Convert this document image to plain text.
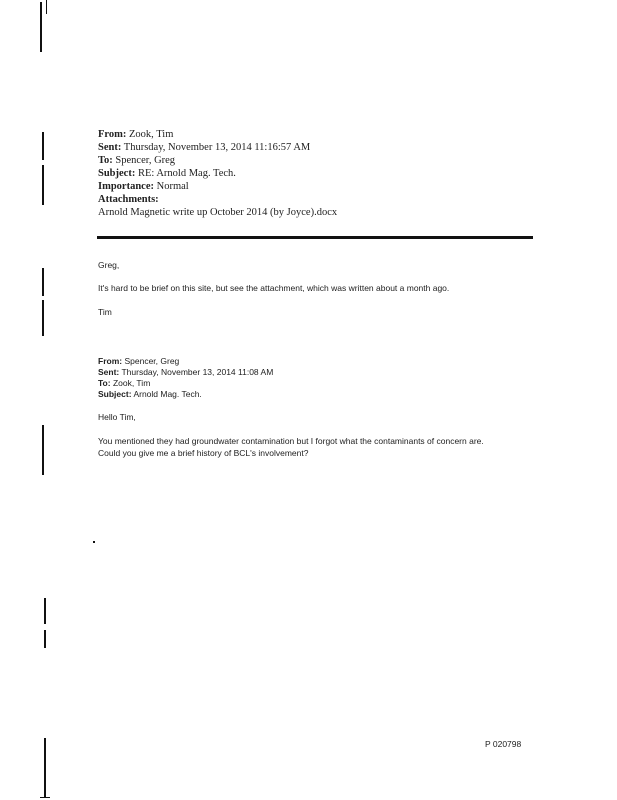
From: Zook, Tim
Sent: Thursday, November 13, 2014 11:16:57 AM
To: Spencer, Greg
Subject: RE: Arnold Mag. Tech.
Importance: Normal
Attachments:
Arnold Magnetic write up October 2014 (by Joyce).docx
Greg,
It's hard to be brief on this site, but see the attachment, which was written about a month ago.
Tim
From: Spencer, Greg
Sent: Thursday, November 13, 2014 11:08 AM
To: Zook, Tim
Subject: Arnold Mag. Tech.
Hello Tim,
You mentioned they had groundwater contamination but I forgot what the contaminants of concern are.
Could you give me a brief history of BCL's involvement?
P 020798
